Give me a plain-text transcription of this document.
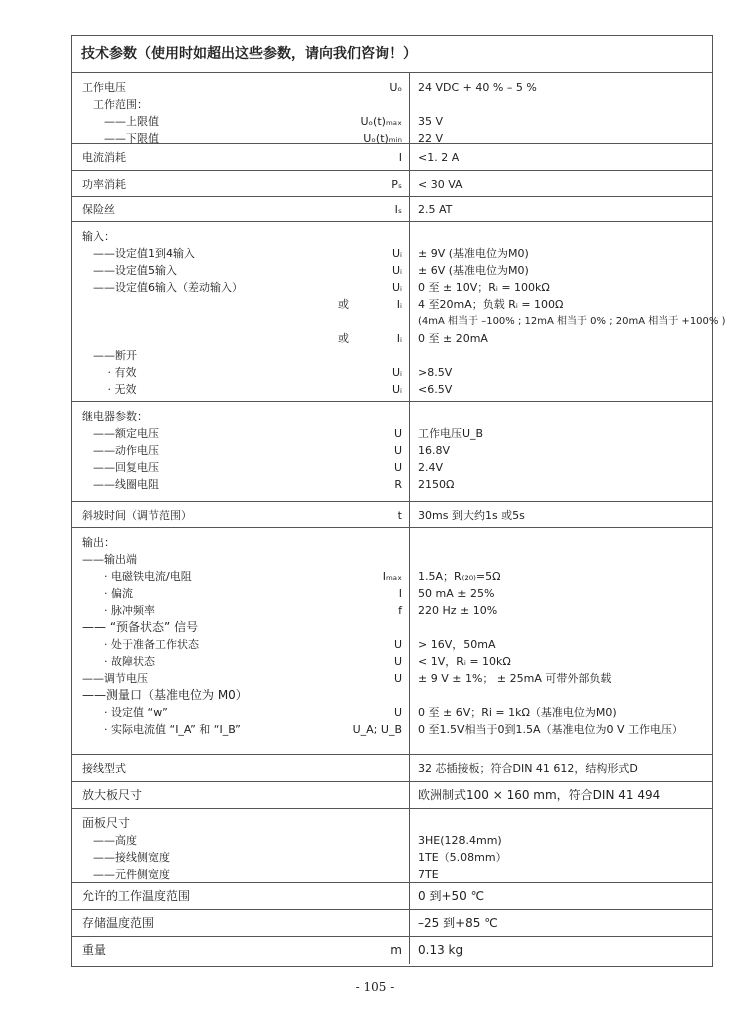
技术参数（使用时如超出这些参数，请向我们咨询！）
工作电压	Uₒ 24 VDC + 40 % – 5 %
　工作范围：
　　——上限值	Uₒ(t)ₘₐₓ 35 V
　　——下限值	Uₒ(t)ₘᵢₙ 22 V
电流消耗	I <1. 2 A
功率消耗	Pₛ < 30 VA
保险丝	Iₛ 2.5 AT
输入：
　——设定值1到4输入	Uᵢ ± 9V (基准电位为M0)
　——设定值5输入	Uᵢ ± 6V (基准电位为M0)
　——设定值6输入（差动输入）	Uᵢ 0 至 ± 10V；Rᵢ = 100kΩ
或	Iᵢ 4 至20mA；负载 Rᵢ = 100Ω
(4mA 相当于 –100% ; 12mA 相当于 0% ; 20mA 相当于 +100% )
或	Iᵢ 0 至 ± 20mA
　——断开
　　 · 有效	Uᵢ >8.5V
　　 · 无效	Uᵢ <6.5V
继电器参数：
　——额定电压	U 工作电压U_B
　——动作电压	U 16.8V
　——回复电压	U 2.4V
　——线圈电阻	R 2150Ω
斜坡时间（调节范围）	t 30ms 到大约1s 或5s
输出：
——输出端
　　· 电磁铁电流/电阻	Iₘₐₓ 1.5A；R₍₂₀₎=5Ω
　　· 偏流	I 50 mA ± 25%
　　· 脉冲频率	f 220 Hz ± 10%
—— “预备状态” 信号
　　· 处于准备工作状态	U > 16V，50mA
　　· 故障状态	U < 1V，Rᵢ = 10kΩ
——调节电压	U ± 9 V ± 1%； ± 25mA 可带外部负载
——测量口（基准电位为 M0）
　　· 设定值 “w”	U 0 至 ± 6V；Ri = 1kΩ（基准电位为M0)
　　· 实际电流值 “I_A” 和 “I_B”	U_A; U_B 0 至1.5V相当于0到1.5A（基准电位为0 V 工作电压）
接线型式	32 芯插接板；符合DIN 41 612，结构形式D
放大板尺寸	欧洲制式100 × 160 mm，符合DIN 41 494
面板尺寸
　——高度	3HE(128.4mm)
　——接线侧宽度	1TE（5.08mm）
　——元件侧宽度	7TE
允许的工作温度范围	0 到+50 ℃
存储温度范围	–25 到+85 ℃
重量	m 0.13 kg
- 105 -
